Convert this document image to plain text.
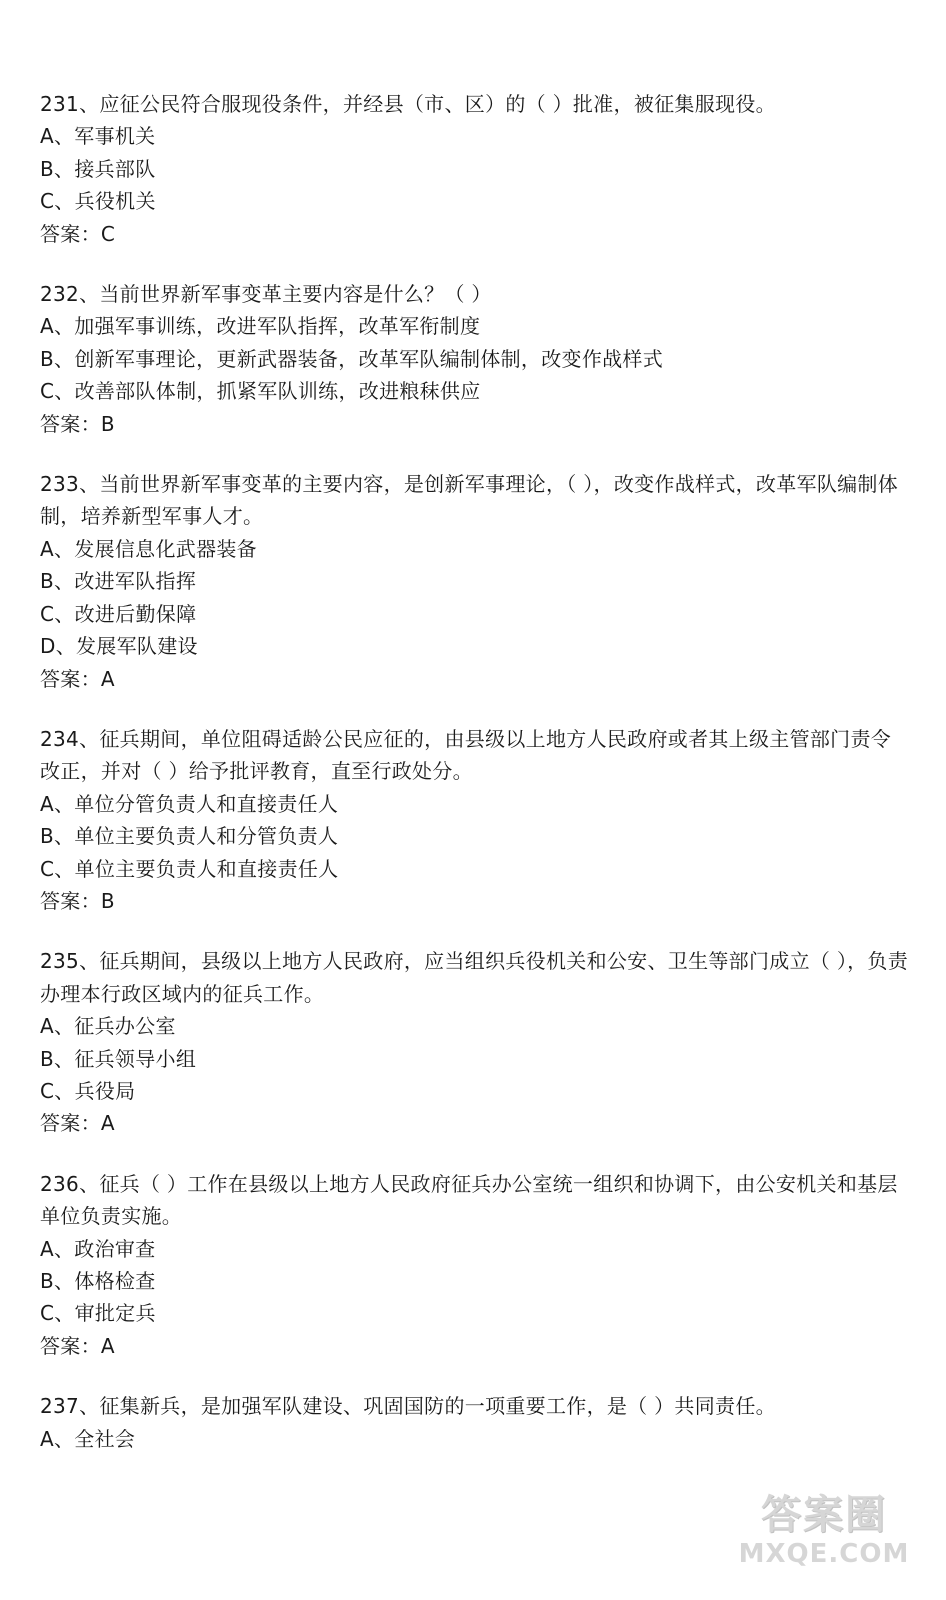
231、应征公民符合服现役条件，并经县（市、区）的（ ）批准，被征集服现役。
A、军事机关
B、接兵部队
C、兵役机关
答案：C
232、当前世界新军事变革主要内容是什么？（ ）
A、加强军事训练，改进军队指挥，改革军衔制度
B、创新军事理论，更新武器装备，改革军队编制体制，改变作战样式
C、改善部队体制，抓紧军队训练，改进粮秣供应
答案：B
233、当前世界新军事变革的主要内容，是创新军事理论，（ ），改变作战样式，改革军队编制体制，培养新型军事人才。
A、发展信息化武器装备
B、改进军队指挥
C、改进后勤保障
D、发展军队建设
答案：A
234、征兵期间，单位阻碍适龄公民应征的，由县级以上地方人民政府或者其上级主管部门责令改正，并对（ ）给予批评教育，直至行政处分。
A、单位分管负责人和直接责任人
B、单位主要负责人和分管负责人
C、单位主要负责人和直接责任人
答案：B
235、征兵期间，县级以上地方人民政府，应当组织兵役机关和公安、卫生等部门成立（ ），负责办理本行政区域内的征兵工作。
A、征兵办公室
B、征兵领导小组
C、兵役局
答案：A
236、征兵（ ）工作在县级以上地方人民政府征兵办公室统一组织和协调下，由公安机关和基层单位负责实施。
A、政治审查
B、体格检查
C、审批定兵
答案：A
237、征集新兵，是加强军队建设、巩固国防的一项重要工作，是（ ）共同责任。
A、全社会
答案圈
MXQE.COM
